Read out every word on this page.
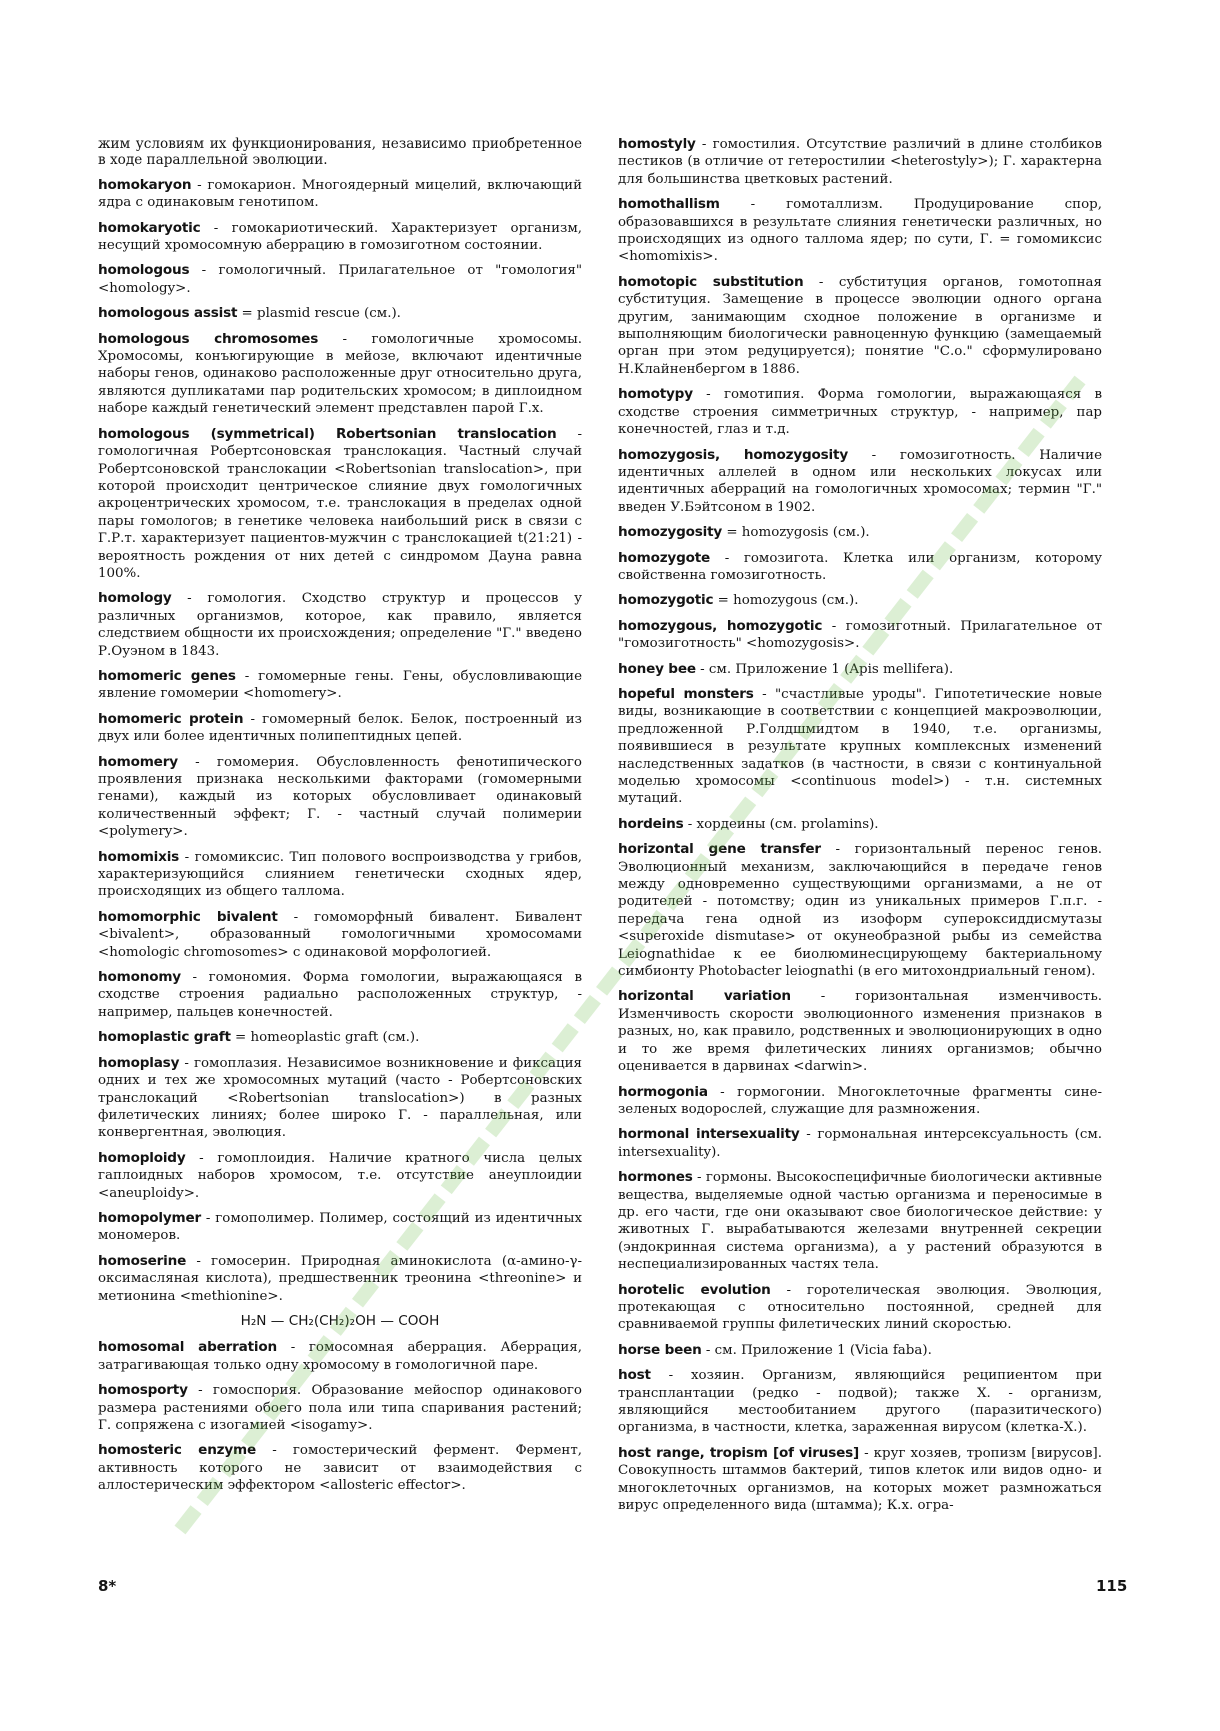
жим условиям их функционирования, независимо приобретенное в ходе параллельной эволюции.
homokaryon - гомокарион. Многоядерный мицелий, включающий ядра с одинаковым генотипом.
homokaryotic - гомокариотический. Характеризует организм, несущий хромосомную аберрацию в гомозиготном состоянии.
homologous - гомологичный. Прилагательное от "гомология" <homology>.
homologous assist = plasmid rescue (см.).
homologous chromosomes - гомологичные хромосомы. Хромосомы, конъюгирующие в мейозе, включают идентичные наборы генов, одинаково расположенные друг относительно друга, являются дупликатами пар родительских хромосом; в диплоидном наборе каждый генетический элемент представлен парой Г.х.
homologous (symmetrical) Robertsonian translocation - гомологичная Робертсоновская транслокация. Частный случай Робертсоновской транслокации <Robertsonian translocation>, при которой происходит центрическое слияние двух гомологичных акроцентрических хромосом, т.е. транслокация в пределах одной пары гомологов; в генетике человека наибольший риск в связи с Г.Р.т. характеризует пациентов-мужчин с транслокацией t(21:21) - вероятность рождения от них детей с синдромом Дауна равна 100%.
homology - гомология. Сходство структур и процессов у различных организмов, которое, как правило, является следствием общности их происхождения; определение "Г." введено Р.Оуэном в 1843.
homomeric genes - гомомерные гены. Гены, обусловливающие явление гомомерии <homomery>.
homomeric protein - гомомерный белок. Белок, построенный из двух или более идентичных полипептидных цепей.
homomery - гомомерия. Обусловленность фенотипического проявления признака несколькими факторами (гомомерными генами), каждый из которых обусловливает одинаковый количественный эффект; Г. - частный случай полимерии <polymery>.
homomixis - гомомиксис. Тип полового воспроизводства у грибов, характеризующийся слиянием генетически сходных ядер, происходящих из общего таллома.
homomorphic bivalent - гомоморфный бивалент. Бивалент <bivalent>, образованный гомологичными хромосомами <homologic chromosomes> с одинаковой морфологией.
homonomy - гомономия. Форма гомологии, выражающаяся в сходстве строения радиально расположенных структур, - например, пальцев конечностей.
homoplastic graft = homeoplastic graft (см.).
homoplasy - гомоплазия. Независимое возникновение и фиксация одних и тех же хромосомных мутаций (часто - Робертсоновских транслокаций <Robertsonian translocation>) в разных филетических линиях; более широко Г. - параллельная, или конвергентная, эволюция.
homoploidy - гомоплоидия. Наличие кратного числа целых гаплоидных наборов хромосом, т.е. отсутствие анеуплоидии <aneuploidy>.
homopolymer - гомополимер. Полимер, состоящий из идентичных мономеров.
homoserine - гомосерин. Природная аминокислота (α-амино-γ-оксимасляная кислота), предшественник треонина <threonine> и метионина <methionine>.
H₂N — CH₂(CH₂)₂OH — COOH
homosomal aberration - гомосомная аберрация. Аберрация, затрагивающая только одну хромосому в гомологичной паре.
homosporty - гомоспория. Образование мейоспор одинакового размера растениями обоего пола или типа спаривания растений; Г. сопряжена с изогамией <isogamy>.
homosteric enzyme - гомостерический фермент. Фермент, активность которого не зависит от взаимодействия с аллостерическим эффектором <allosteric effector>.
homostyly - гомостилия. Отсутствие различий в длине столбиков пестиков (в отличие от гетеростилии <heterostyly>); Г. характерна для большинства цветковых растений.
homothallism - гомоталлизм. Продуцирование спор, образовавшихся в результате слияния генетически различных, но происходящих из одного таллома ядер; по сути, Г. = гомомиксис <homomixis>.
homotopic substitution - субституция органов, гомотопная субституция. Замещение в процессе эволюции одного органа другим, занимающим сходное положение в организме и выполняющим биологически равноценную функцию (замещаемый орган при этом редуцируется); понятие "С.о." сформулировано Н.Клайненбергом в 1886.
homotypy - гомотипия. Форма гомологии, выражающаяся в сходстве строения симметричных структур, - например, пар конечностей, глаз и т.д.
homozygosis, homozygosity - гомозиготность. Наличие идентичных аллелей в одном или нескольких локусах или идентичных аберраций на гомологичных хромосомах; термин "Г." введен У.Бэйтсоном в 1902.
homozygosity = homozygosis (см.).
homozygote - гомозигота. Клетка или организм, которому свойственна гомозиготность.
homozygotic = homozygous (см.).
homozygous, homozygotic - гомозиготный. Прилагательное от "гомозиготность" <homozygosis>.
honey bee - см. Приложение 1 (Apis mellifera).
hopeful monsters - "счастливые уроды". Гипотетические новые виды, возникающие в соответствии с концепцией макроэволюции, предложенной Р.Голдшмидтом в 1940, т.е. организмы, появившиеся в результате крупных комплексных изменений наследственных задатков (в частности, в связи с континуальной моделью хромосомы <continuous model>) - т.н. системных мутаций.
hordeins - хордеины (см. prolamins).
horizontal gene transfer - горизонтальный перенос генов. Эволюционный механизм, заключающийся в передаче генов между одновременно существующими организмами, а не от родителей - потомству; один из уникальных примеров Г.п.г. - передача гена одной из изоформ супероксиддисмутазы <superoxide dismutase> от окунеобразной рыбы из семейства Leiognathidae к ее биолюминесцирующему бактериальному симбионту Photobacter leiognathi (в его митохондриальный геном).
horizontal variation - горизонтальная изменчивость. Изменчивость скорости эволюционного изменения признаков в разных, но, как правило, родственных и эволюционирующих в одно и то же время филетических линиях организмов; обычно оценивается в дарвинах <darwin>.
hormogonia - гормогонии. Многоклеточные фрагменты сине-зеленых водорослей, служащие для размножения.
hormonal intersexuality - гормональная интерсексуальность (см. intersexuality).
hormones - гормоны. Высокоспецифичные биологически активные вещества, выделяемые одной частью организма и переносимые в др. его части, где они оказывают свое биологическое действие: у животных Г. вырабатываются железами внутренней секреции (эндокринная система организма), а у растений образуются в неспециализированных частях тела.
horotelic evolution - горотелическая эволюция. Эволюция, протекающая с относительно постоянной, средней для сравниваемой группы филетических линий скоростью.
horse been - см. Приложение 1 (Vicia faba).
host - хозяин. Организм, являющийся реципиентом при трансплантации (редко - подвой); также Х. - организм, являющийся местообитанием другого (паразитического) организма, в частности, клетка, зараженная вирусом (клетка-Х.).
host range, tropism [of viruses] - круг хозяев, тропизм [вирусов]. Совокупность штаммов бактерий, типов клеток или видов одно- и многоклеточных организмов, на которых может размножаться вирус определенного вида (штамма); К.х. огра-
8*	115
